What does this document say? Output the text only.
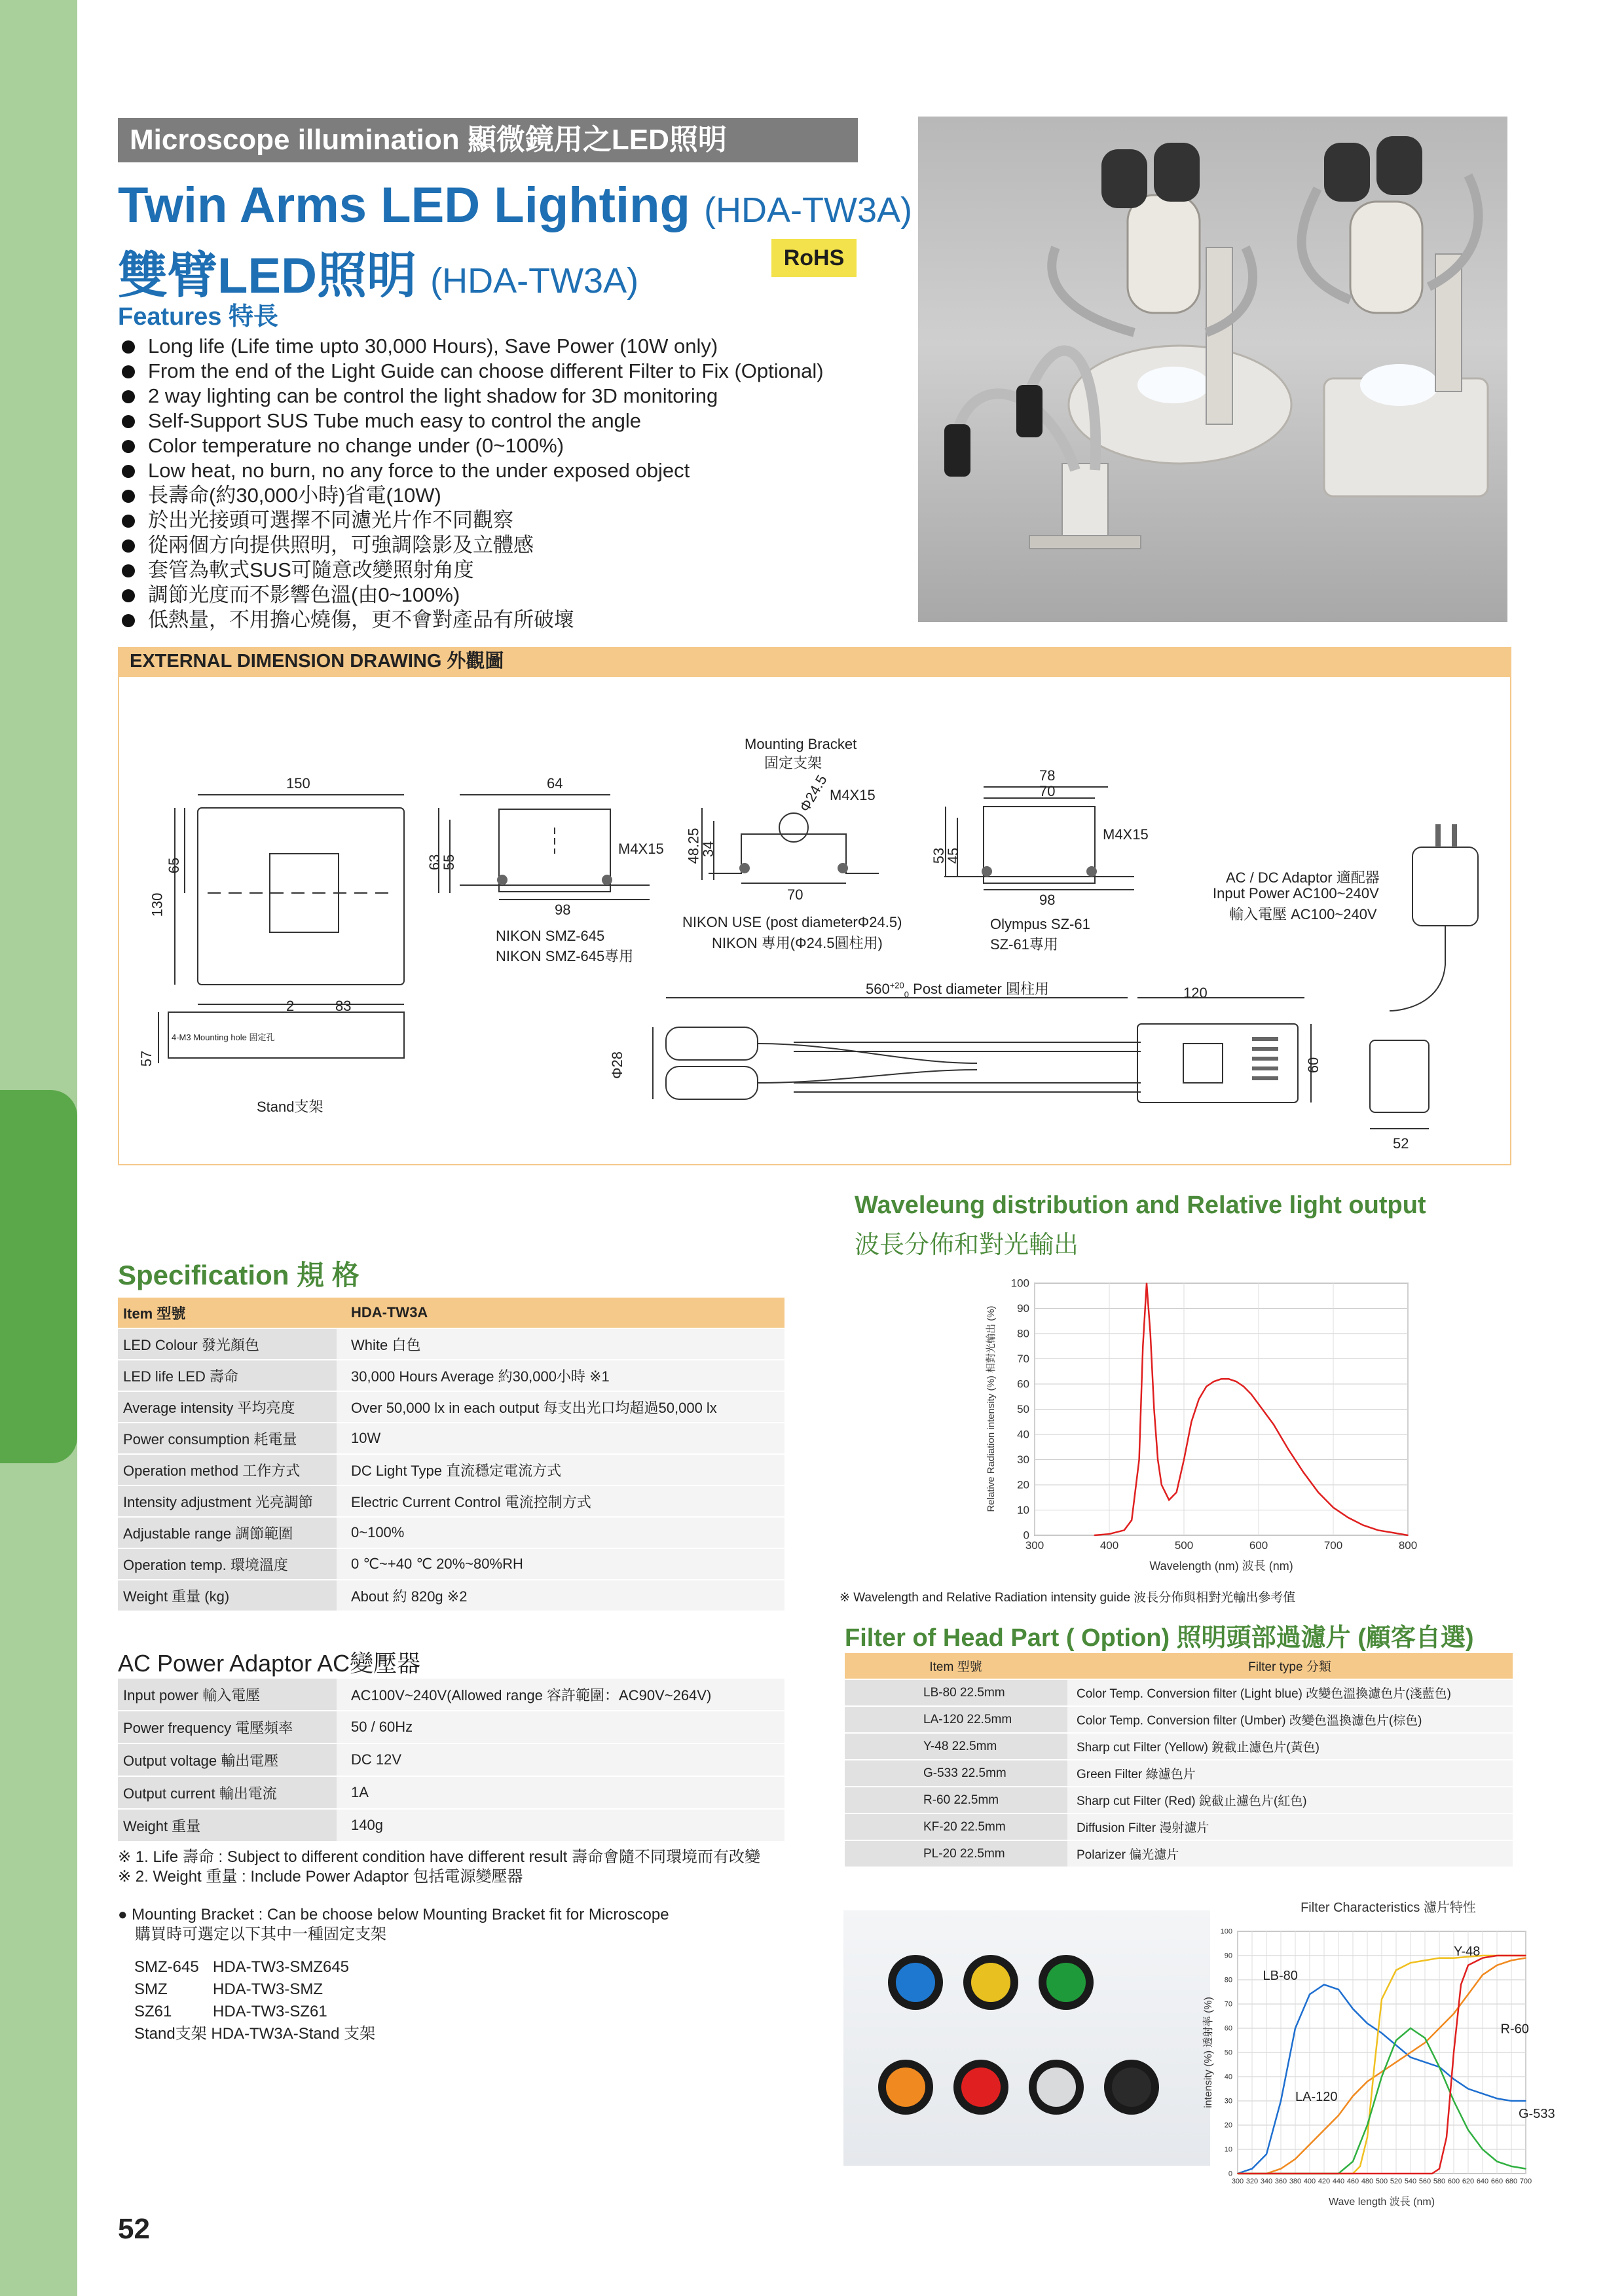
Microscope illumination 顯微鏡用之LED照明
Twin Arms LED Lighting (HDA-TW3A)
雙臂LED照明 (HDA-TW3A)
RoHS
Features 特長
Long life (Life time upto 30,000 Hours), Save Power (10W only)
From the end of the Light Guide can choose different Filter to Fix (Optional)
2 way lighting can be control the light shadow for 3D monitoring
Self-Support SUS Tube much easy to control the angle
Color temperature no change under (0~100%)
Low heat, no burn, no any force to the under exposed object
長壽命(約30,000小時)省電(10W)
於出光接頭可選擇不同濾光片作不同觀察
從兩個方向提供照明，可強調陰影及立體感
套管為軟式SUS可隨意改變照射角度
調節光度而不影響色溫(由0~100%)
低熱量，不用擔心燒傷，更不會對產品有所破壞
EXTERNAL DIMENSION DRAWING 外觀圖
150
65
130
2	83
4-M3 Mounting hole 固定孔
57
Stand支架
64
63
55
M4X15
98
NIKON SMZ-645
NIKON SMZ-645專用
Mounting Bracket
固定支架
Φ24.5 M4X15
48.25
34
70
NIKON USE (post diameterΦ24.5)
NIKON 專用(Φ24.5圓柱用)
78
70
53
45
M4X15
98
Olympus SZ-61
SZ-61專用
AC / DC Adaptor 適配器
Input Power AC100~240V
輸入電壓 AC100~240V
$560^{+20}_0$ Post diameter 圓柱用	120
Φ28	60
52
Waveleung distribution and Relative light output
波長分佈和對光輸出
0
10
20
30
40
50
60
70
80
90
100
300	400	500	600	700	800
Wavelength (nm) 波長 (nm)
Relative Radiation intensity (%) 相對光輸出 (%)
※ Wavelength and Relative Radiation intensity guide 波長分佈與相對光輸出參考值
Specification 規 格
Item 型號	HDA-TW3A
LED Colour 發光顏色	White 白色
LED life LED 壽命	30,000 Hours Average 約30,000小時 ※1
Average intensity 平均亮度	Over 50,000 lx in each output 每支出光口均超過50,000 lx
Power consumption 耗電量	10W
Operation method 工作方式	DC Light Type 直流穩定電流方式
Intensity adjustment 光亮調節	Electric Current Control 電流控制方式
Adjustable range 調節範圍	0~100%
Operation temp. 環境溫度	0 ℃~+40 ℃ 20%~80%RH
Weight 重量 (kg)	About 約 820g ※2
AC Power Adaptor AC變壓器
Input power 輸入電壓	AC100V~240V(Allowed range 容許範圍：AC90V~264V)
Power frequency 電壓頻率	50 / 60Hz
Output voltage 輸出電壓	DC 12V
Output current 輸出電流	1A
Weight 重量	140g
※ 1. Life 壽命 : Subject to different condition have different result 壽命會隨不同環境而有改變
※ 2. Weight 重量 : Include Power Adaptor 包括電源變壓器
● Mounting Bracket : Can be choose below Mounting Bracket fit for Microscope
購買時可選定以下其中一種固定支架
SMZ-645 HDA-TW3-SMZ645
SMZ	HDA-TW3-SMZ
SZ61	HDA-TW3-SZ61
Stand支架 HDA-TW3A-Stand 支架
Filter of Head Part ( Option) 照明頭部過濾片 (顧客自選)
Item 型號	Filter type 分類
LB-80 22.5mm	Color Temp. Conversion filter (Light blue) 改變色溫換濾色片(淺藍色)
LA-120 22.5mm	Color Temp. Conversion filter (Umber) 改變色溫換濾色片(棕色)
Y-48 22.5mm	Sharp cut Filter (Yellow) 銳截止濾色片(黃色)
G-533 22.5mm	Green Filter 綠濾色片
R-60 22.5mm	Sharp cut Filter (Red) 銳截止濾色片(紅色)
KF-20 22.5mm	Diffusion Filter 漫射濾片
PL-20 22.5mm	Polarizer 偏光濾片
0
10
20
30
40
50
60
70
80
90
100
300 320 340 360 380 400 420 440 460 480 500 520 540 560 580 600 620 640 660 680 700
Filter Characteristics 濾片特性
Wave length 波長 (nm)
intensity (%) 透射率 (%)
LB-80
LA-120
Y-48
G-533
R-60
52
